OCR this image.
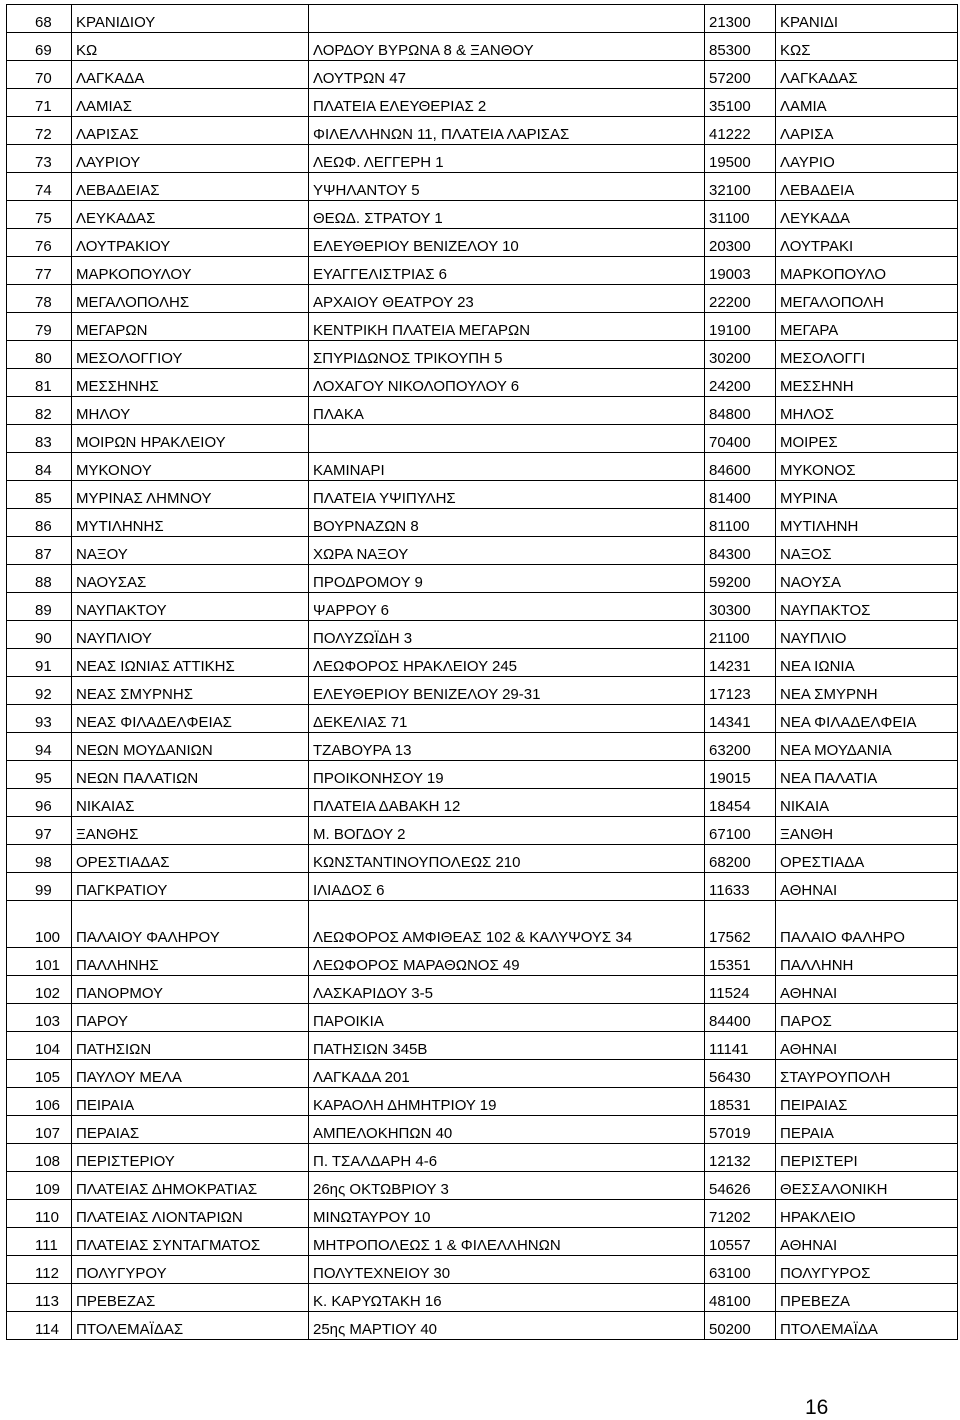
68	ΚΡΑΝΙΔΙΟΥ		21300	ΚΡΑΝΙΔΙ
69	ΚΩ	ΛΟΡΔΟΥ ΒΥΡΩΝΑ 8 & ΞΑΝΘΟΥ	85300	ΚΩΣ
70	ΛΑΓΚΑΔΑ	ΛΟΥΤΡΩΝ 47	57200	ΛΑΓΚΑΔΑΣ
71	ΛΑΜΙΑΣ	ΠΛΑΤΕΙΑ ΕΛΕΥΘΕΡΙΑΣ 2	35100	ΛΑΜΙΑ
72	ΛΑΡΙΣΑΣ	ΦΙΛΕΛΛΗΝΩΝ 11, ΠΛΑΤΕΙΑ ΛΑΡΙΣΑΣ	41222	ΛΑΡΙΣΑ
73	ΛΑΥΡΙΟΥ	ΛΕΩΦ. ΛΕΓΓΕΡΗ 1	19500	ΛΑΥΡΙΟ
74	ΛΕΒΑΔΕΙΑΣ	ΥΨΗΛΑΝΤΟΥ 5	32100	ΛΕΒΑΔΕΙΑ
75	ΛΕΥΚΑΔΑΣ	ΘΕΩΔ. ΣΤΡΑΤΟΥ 1	31100	ΛΕΥΚΑΔΑ
76	ΛΟΥΤΡΑΚΙΟΥ	ΕΛΕΥΘΕΡΙΟΥ ΒΕΝΙΖΕΛΟΥ 10	20300	ΛΟΥΤΡΑΚΙ
77	ΜΑΡΚΟΠΟΥΛΟΥ	ΕΥΑΓΓΕΛΙΣΤΡΙΑΣ 6	19003	ΜΑΡΚΟΠΟΥΛΟ
78	ΜΕΓΑΛΟΠΟΛΗΣ	ΑΡΧΑΙΟΥ ΘΕΑΤΡΟΥ 23	22200	ΜΕΓΑΛΟΠΟΛΗ
79	ΜΕΓΑΡΩΝ	ΚΕΝΤΡΙΚΗ ΠΛΑΤΕΙΑ ΜΕΓΑΡΩΝ	19100	ΜΕΓΑΡΑ
80	ΜΕΣΟΛΟΓΓΙΟΥ	ΣΠΥΡΙΔΩΝΟΣ ΤΡΙΚΟΥΠΗ 5	30200	ΜΕΣΟΛΟΓΓΙ
81	ΜΕΣΣΗΝΗΣ	ΛΟΧΑΓΟΥ ΝΙΚΟΛΟΠΟΥΛΟΥ 6	24200	ΜΕΣΣΗΝΗ
82	ΜΗΛΟΥ	ΠΛΑΚΑ	84800	ΜΗΛΟΣ
83	ΜΟΙΡΩΝ ΗΡΑΚΛΕΙΟΥ		70400	ΜΟΙΡΕΣ
84	ΜΥΚΟΝΟΥ	ΚΑΜΙΝΑΡΙ	84600	ΜΥΚΟΝΟΣ
85	ΜΥΡΙΝΑΣ ΛΗΜΝΟΥ	ΠΛΑΤΕΙΑ ΥΨΙΠΥΛΗΣ	81400	ΜΥΡΙΝΑ
86	ΜΥΤΙΛΗΝΗΣ	ΒΟΥΡΝΑΖΩΝ 8	81100	ΜΥΤΙΛΗΝΗ
87	ΝΑΞΟΥ	ΧΩΡΑ ΝΑΞΟΥ	84300	ΝΑΞΟΣ
88	ΝΑΟΥΣΑΣ	ΠΡΟΔΡΟΜΟΥ 9	59200	ΝΑΟΥΣΑ
89	ΝΑΥΠΑΚΤΟΥ	ΨΑΡΡΟΥ 6	30300	ΝΑΥΠΑΚΤΟΣ
90	ΝΑΥΠΛΙΟΥ	ΠΟΛΥΖΩΪΔΗ 3	21100	ΝΑΥΠΛΙΟ
91	ΝΕΑΣ ΙΩΝΙΑΣ ΑΤΤΙΚΗΣ	ΛΕΩΦΟΡΟΣ ΗΡΑΚΛΕΙΟΥ 245	14231	ΝΕΑ ΙΩΝΙΑ
92	ΝΕΑΣ ΣΜΥΡΝΗΣ	ΕΛΕΥΘΕΡΙΟΥ ΒΕΝΙΖΕΛΟΥ 29-31	17123	ΝΕΑ ΣΜΥΡΝΗ
93	ΝΕΑΣ ΦΙΛΑΔΕΛΦΕΙΑΣ	ΔΕΚΕΛΙΑΣ 71	14341	ΝΕΑ ΦΙΛΑΔΕΛΦΕΙΑ
94	ΝΕΩΝ ΜΟΥΔΑΝΙΩΝ	ΤΖΑΒΟΥΡΑ 13	63200	ΝΕΑ ΜΟΥΔΑΝΙΑ
95	ΝΕΩΝ ΠΑΛΑΤΙΩΝ	ΠΡΟΙΚΟΝΗΣΟΥ 19	19015	ΝΕΑ ΠΑΛΑΤΙΑ
96	ΝΙΚΑΙΑΣ	ΠΛΑΤΕΙΑ ΔΑΒΑΚΗ 12	18454	ΝΙΚΑΙΑ
97	ΞΑΝΘΗΣ	Μ. ΒΟΓΔΟΥ 2	67100	ΞΑΝΘΗ
98	ΟΡΕΣΤΙΑΔΑΣ	ΚΩΝΣΤΑΝΤΙΝΟΥΠΟΛΕΩΣ 210	68200	ΟΡΕΣΤΙΑΔΑ
99	ΠΑΓΚΡΑΤΙΟΥ	ΙΛΙΑΔΟΣ 6	11633	ΑΘΗΝΑΙ
100	ΠΑΛΑΙΟΥ ΦΑΛΗΡΟΥ	ΛΕΩΦΟΡΟΣ ΑΜΦΙΘΕΑΣ 102 & ΚΑΛΥΨΟΥΣ 34	17562	ΠΑΛΑΙΟ ΦΑΛΗΡΟ
101	ΠΑΛΛΗΝΗΣ	ΛΕΩΦΟΡΟΣ ΜΑΡΑΘΩΝΟΣ 49	15351	ΠΑΛΛΗΝΗ
102	ΠΑΝΟΡΜΟΥ	ΛΑΣΚΑΡΙΔΟΥ 3-5	11524	ΑΘΗΝΑΙ
103	ΠΑΡΟΥ	ΠΑΡΟΙΚΙΑ	84400	ΠΑΡΟΣ
104	ΠΑΤΗΣΙΩΝ	ΠΑΤΗΣΙΩΝ 345Β	11141	ΑΘΗΝΑΙ
105	ΠΑΥΛΟΥ ΜΕΛΑ	ΛΑΓΚΑΔΑ 201	56430	ΣΤΑΥΡΟΥΠΟΛΗ
106	ΠΕΙΡΑΙΑ	ΚΑΡΑΟΛΗ ΔΗΜΗΤΡΙΟΥ 19	18531	ΠΕΙΡΑΙΑΣ
107	ΠΕΡΑΙΑΣ	ΑΜΠΕΛΟΚΗΠΩΝ 40	57019	ΠΕΡΑΙΑ
108	ΠΕΡΙΣΤΕΡΙΟΥ	Π. ΤΣΑΛΔΑΡΗ 4-6	12132	ΠΕΡΙΣΤΕΡΙ
109	ΠΛΑΤΕΙΑΣ ΔΗΜΟΚΡΑΤΙΑΣ	26ης ΟΚΤΩΒΡΙΟΥ 3	54626	ΘΕΣΣΑΛΟΝΙΚΗ
110	ΠΛΑΤΕΙΑΣ ΛΙΟΝΤΑΡΙΩΝ	ΜΙΝΩΤΑΥΡΟΥ 10	71202	ΗΡΑΚΛΕΙΟ
111	ΠΛΑΤΕΙΑΣ ΣΥΝΤΑΓΜΑΤΟΣ	ΜΗΤΡΟΠΟΛΕΩΣ 1 & ΦΙΛΕΛΛΗΝΩΝ	10557	ΑΘΗΝΑΙ
112	ΠΟΛΥΓΥΡΟΥ	ΠΟΛΥΤΕΧΝΕΙΟΥ 30	63100	ΠΟΛΥΓΥΡΟΣ
113	ΠΡΕΒΕΖΑΣ	Κ. ΚΑΡΥΩΤΑΚΗ 16	48100	ΠΡΕΒΕΖΑ
114	ΠΤΟΛΕΜΑΪΔΑΣ	25ης ΜΑΡΤΙΟΥ 40	50200	ΠΤΟΛΕΜΑΪΔΑ
16
